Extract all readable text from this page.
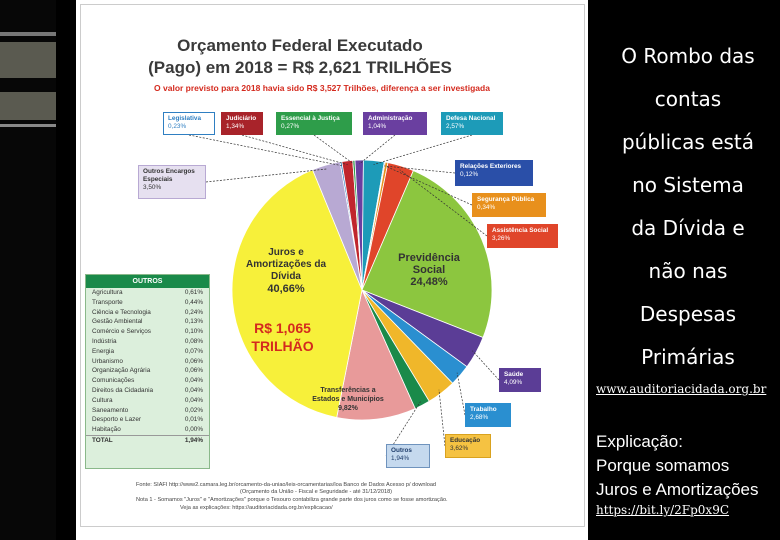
Orçamento Federal Executado
(Pago) em 2018 = R$ 2,621 TRILHÕES
O valor previsto para 2018 havia sido R$ 3,527 Trilhões, diferença a ser investigada
Legislativa
0,23%
Judiciário
1,34%
Essencial à Justiça
0,27%
Administração
1,04%
Defesa Nacional
2,57%
Relações Exteriores
0,12%
Segurança Pública
0,34%
Assistência Social
3,26%
Saúde
4,09%
Trabalho
2,68%
Educação
3,62%
Outros
1,94%
Outros Encargos Especiais
3,50%
Juros e Amortizações da Dívida
40,66%
R$ 1,065 TRILHÃO
Previdência Social
24,48%
Transferências a Estados e Municípios
9,82%
OUTROS
Agricultura	0,61%
Transporte	0,44%
Ciência e Tecnologia	0,24%
Gestão Ambiental	0,13%
Comércio e Serviços	0,10%
Indústria	0,08%
Energia	0,07%
Urbanismo	0,06%
Organização Agrária	0,06%
Comunicações	0,04%
Direitos da Cidadania	0,04%
Cultura	0,04%
Saneamento	0,02%
Desporto e Lazer	0,01%
Habitação	0,00%
TOTAL	1,94%
Fonte: SIAFI http://www2.camara.leg.br/orcamento-da-uniao/leis-orcamentarias/loa Banco de Dados Acesso p/ download
(Orçamento da União - Fiscal e Seguridade - até 31/12/2018)
Nota 1 - Somamos "Juros" e "Amortizações" porque o Tesouro contabiliza grande parte dos juros como se fosse amortização.
Veja as explicações: https://auditoriacidada.org.br/explicacao/
O Rombo das
contas
públicas está
no Sistema
da Dívida e
não nas
Despesas
Primárias
www.auditoriacidada.org.br
Explicação:
Porque somamos
Juros e Amortizações
https://bit.ly/2Fp0x9C
